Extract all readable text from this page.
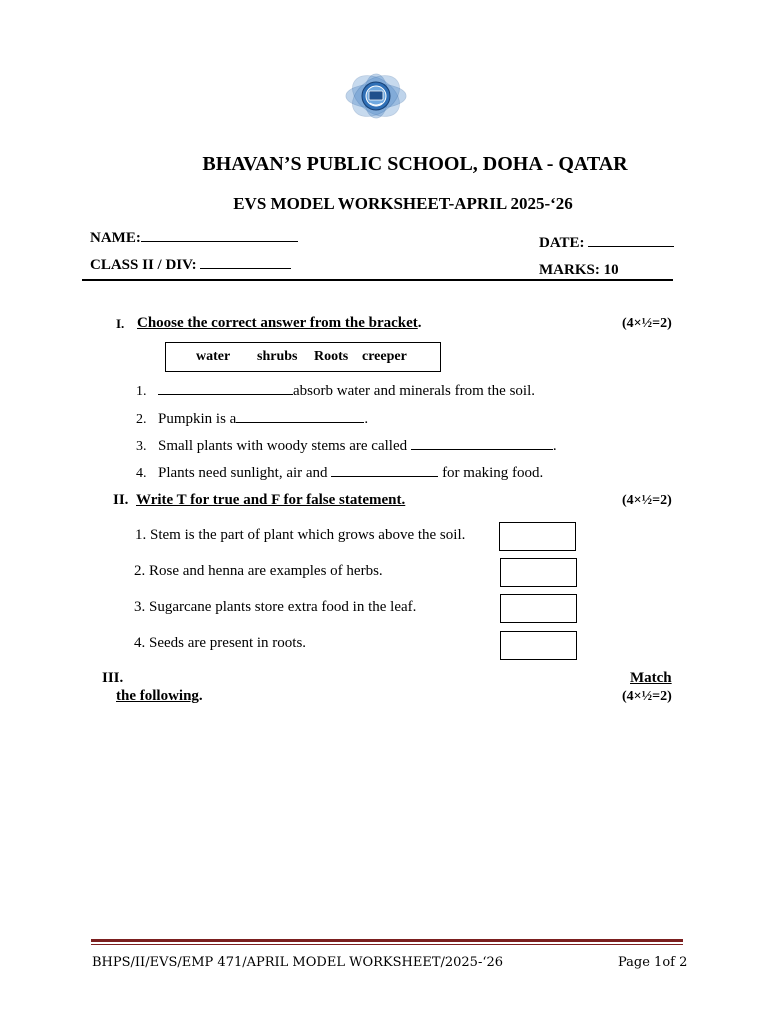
BHAVAN’S PUBLIC SCHOOL, DOHA - QATAR
EVS MODEL WORKSHEET-APRIL 2025-‘26
NAME:
CLASS II / DIV:
DATE:
MARKS: 10
I. Choose the correct answer from the bracket.	(4×½=2)
water shrubs Roots creeper
1.	absorb water and minerals from the soil.
2. Pumpkin is a	.
3. Small plants with woody stems are called	.
4. Plants need sunlight, air and	for making food.
II. Write T for true and F for false statement.	(4×½=2)
1. Stem is the part of plant which grows above the soil.
2. Rose and henna are examples of herbs.
3. Sugarcane plants store extra food in the leaf.
4. Seeds are present in roots.
III.	Match
the following.	(4×½=2)
BHPS/II/EVS/EMP 471/APRIL MODEL WORKSHEET/2025-‘26	Page 1of 2
